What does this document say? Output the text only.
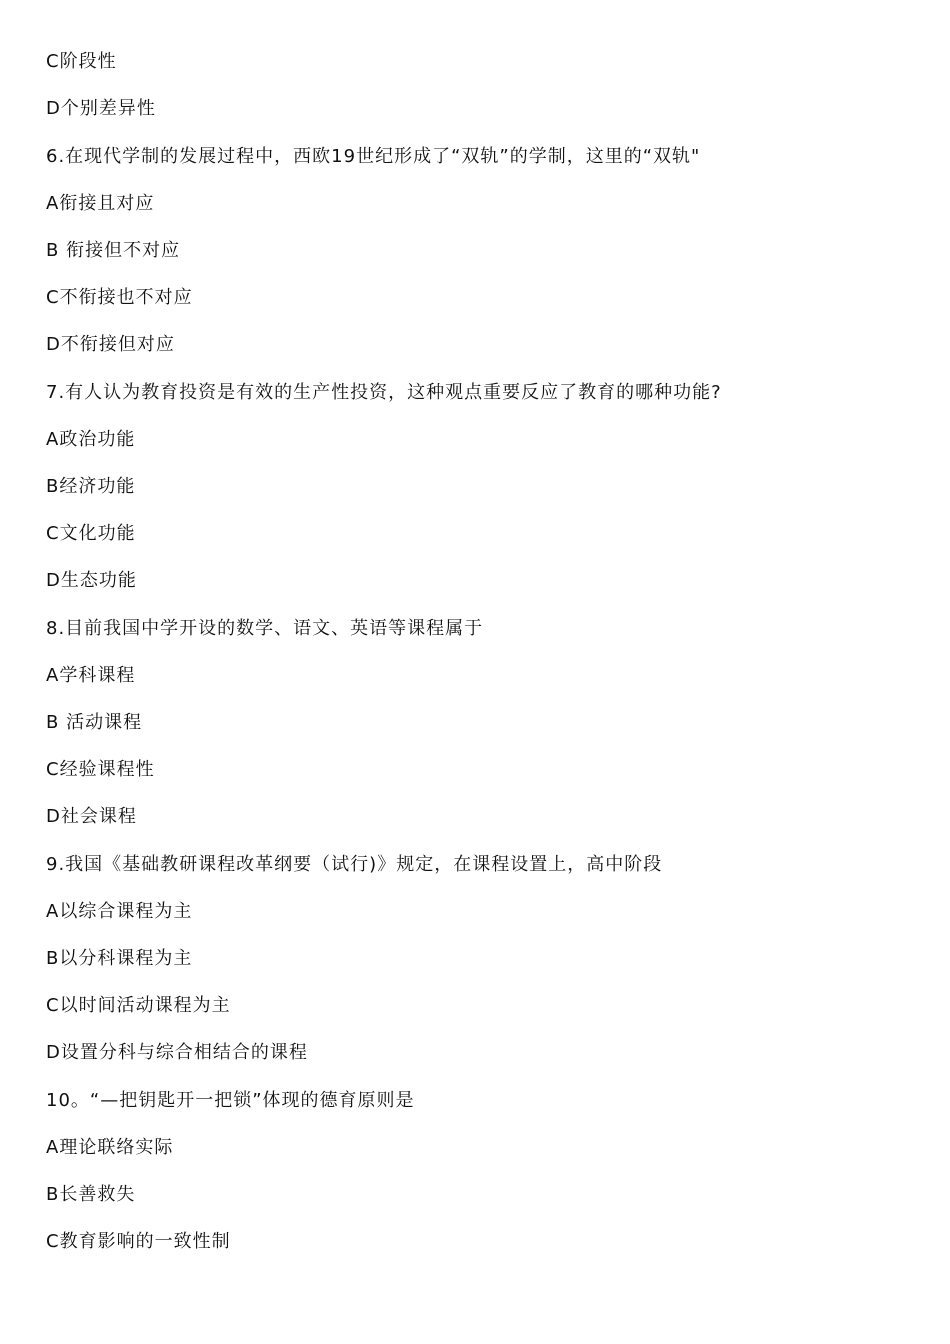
C阶段性
D个别差异性
6.在现代学制的发展过程中，西欧19世纪形成了“双轨”的学制，这里的“双轨"
A衔接且对应
B 衔接但不对应
C不衔接也不对应
D不衔接但对应
7.有人认为教育投资是有效的生产性投资，这种观点重要反应了教育的哪种功能?
A政治功能
B经济功能
C文化功能
D生态功能
8.目前我国中学开设的数学、语文、英语等课程属于
A学科课程
B 活动课程
C经验课程性
D社会课程
9.我国《基础教研课程改革纲要（试行)》规定，在课程设置上，高中阶段
A以综合课程为主
B以分科课程为主
C以时间活动课程为主
D设置分科与综合相结合的课程
10。“—把钥匙开一把锁”体现的德育原则是
A理论联络实际
B长善救失
C教育影响的一致性制
